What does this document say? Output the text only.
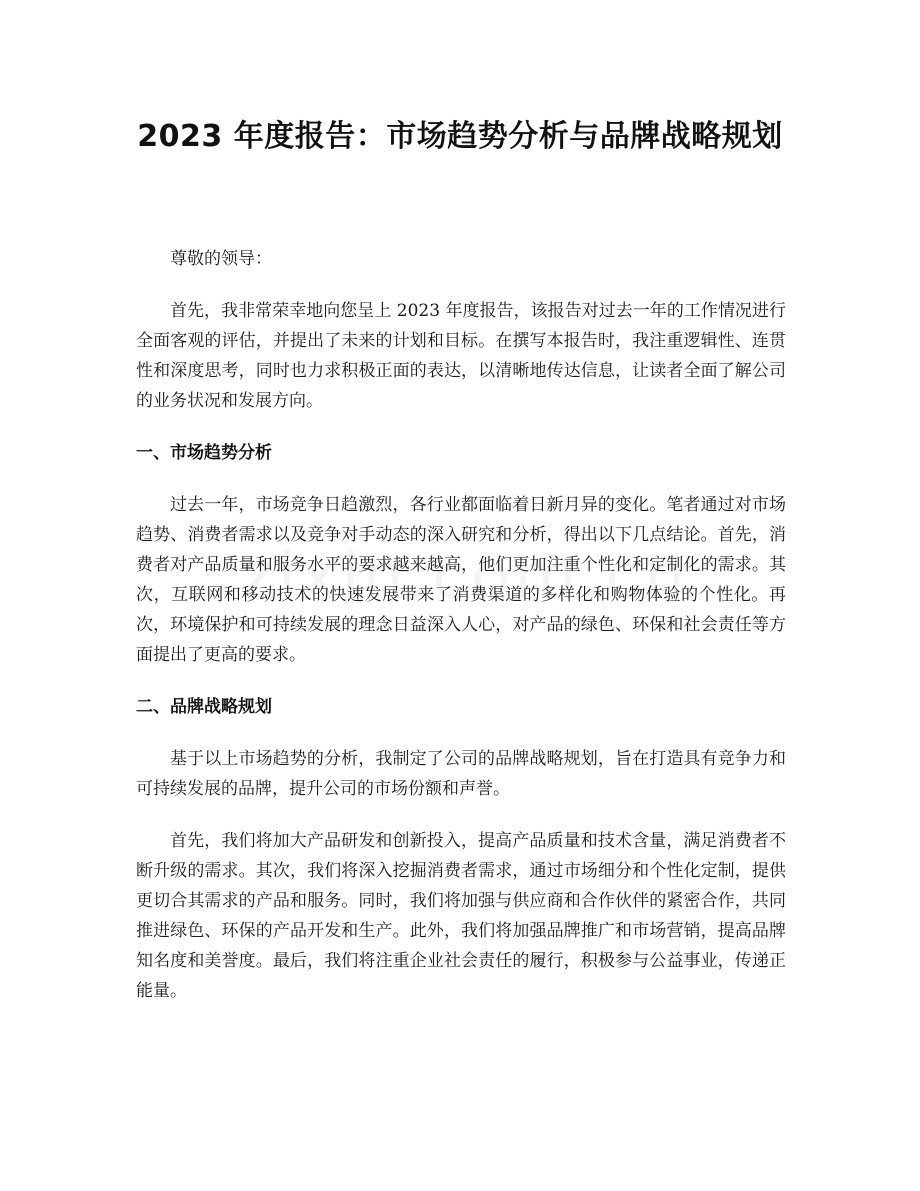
2023 年度报告：市场趋势分析与品牌战略规划

尊敬的领导：

首先，我非常荣幸地向您呈上 2023 年度报告，该报告对过去一年的工作情况进行全面客观的评估，并提出了未来的计划和目标。在撰写本报告时，我注重逻辑性、连贯性和深度思考，同时也力求积极正面的表达，以清晰地传达信息，让读者全面了解公司的业务状况和发展方向。

一、市场趋势分析

过去一年，市场竞争日趋激烈，各行业都面临着日新月异的变化。笔者通过对市场趋势、消费者需求以及竞争对手动态的深入研究和分析，得出以下几点结论。首先，消费者对产品质量和服务水平的要求越来越高，他们更加注重个性化和定制化的需求。其次，互联网和移动技术的快速发展带来了消费渠道的多样化和购物体验的个性化。再次，环境保护和可持续发展的理念日益深入人心，对产品的绿色、环保和社会责任等方面提出了更高的要求。

二、品牌战略规划

基于以上市场趋势的分析，我制定了公司的品牌战略规划，旨在打造具有竞争力和可持续发展的品牌，提升公司的市场份额和声誉。

首先，我们将加大产品研发和创新投入，提高产品质量和技术含量，满足消费者不断升级的需求。其次，我们将深入挖掘消费者需求，通过市场细分和个性化定制，提供更切合其需求的产品和服务。同时，我们将加强与供应商和合作伙伴的紧密合作，共同推进绿色、环保的产品开发和生产。此外，我们将加强品牌推广和市场营销，提高品牌知名度和美誉度。最后，我们将注重企业社会责任的履行，积极参与公益事业，传递正能量。
